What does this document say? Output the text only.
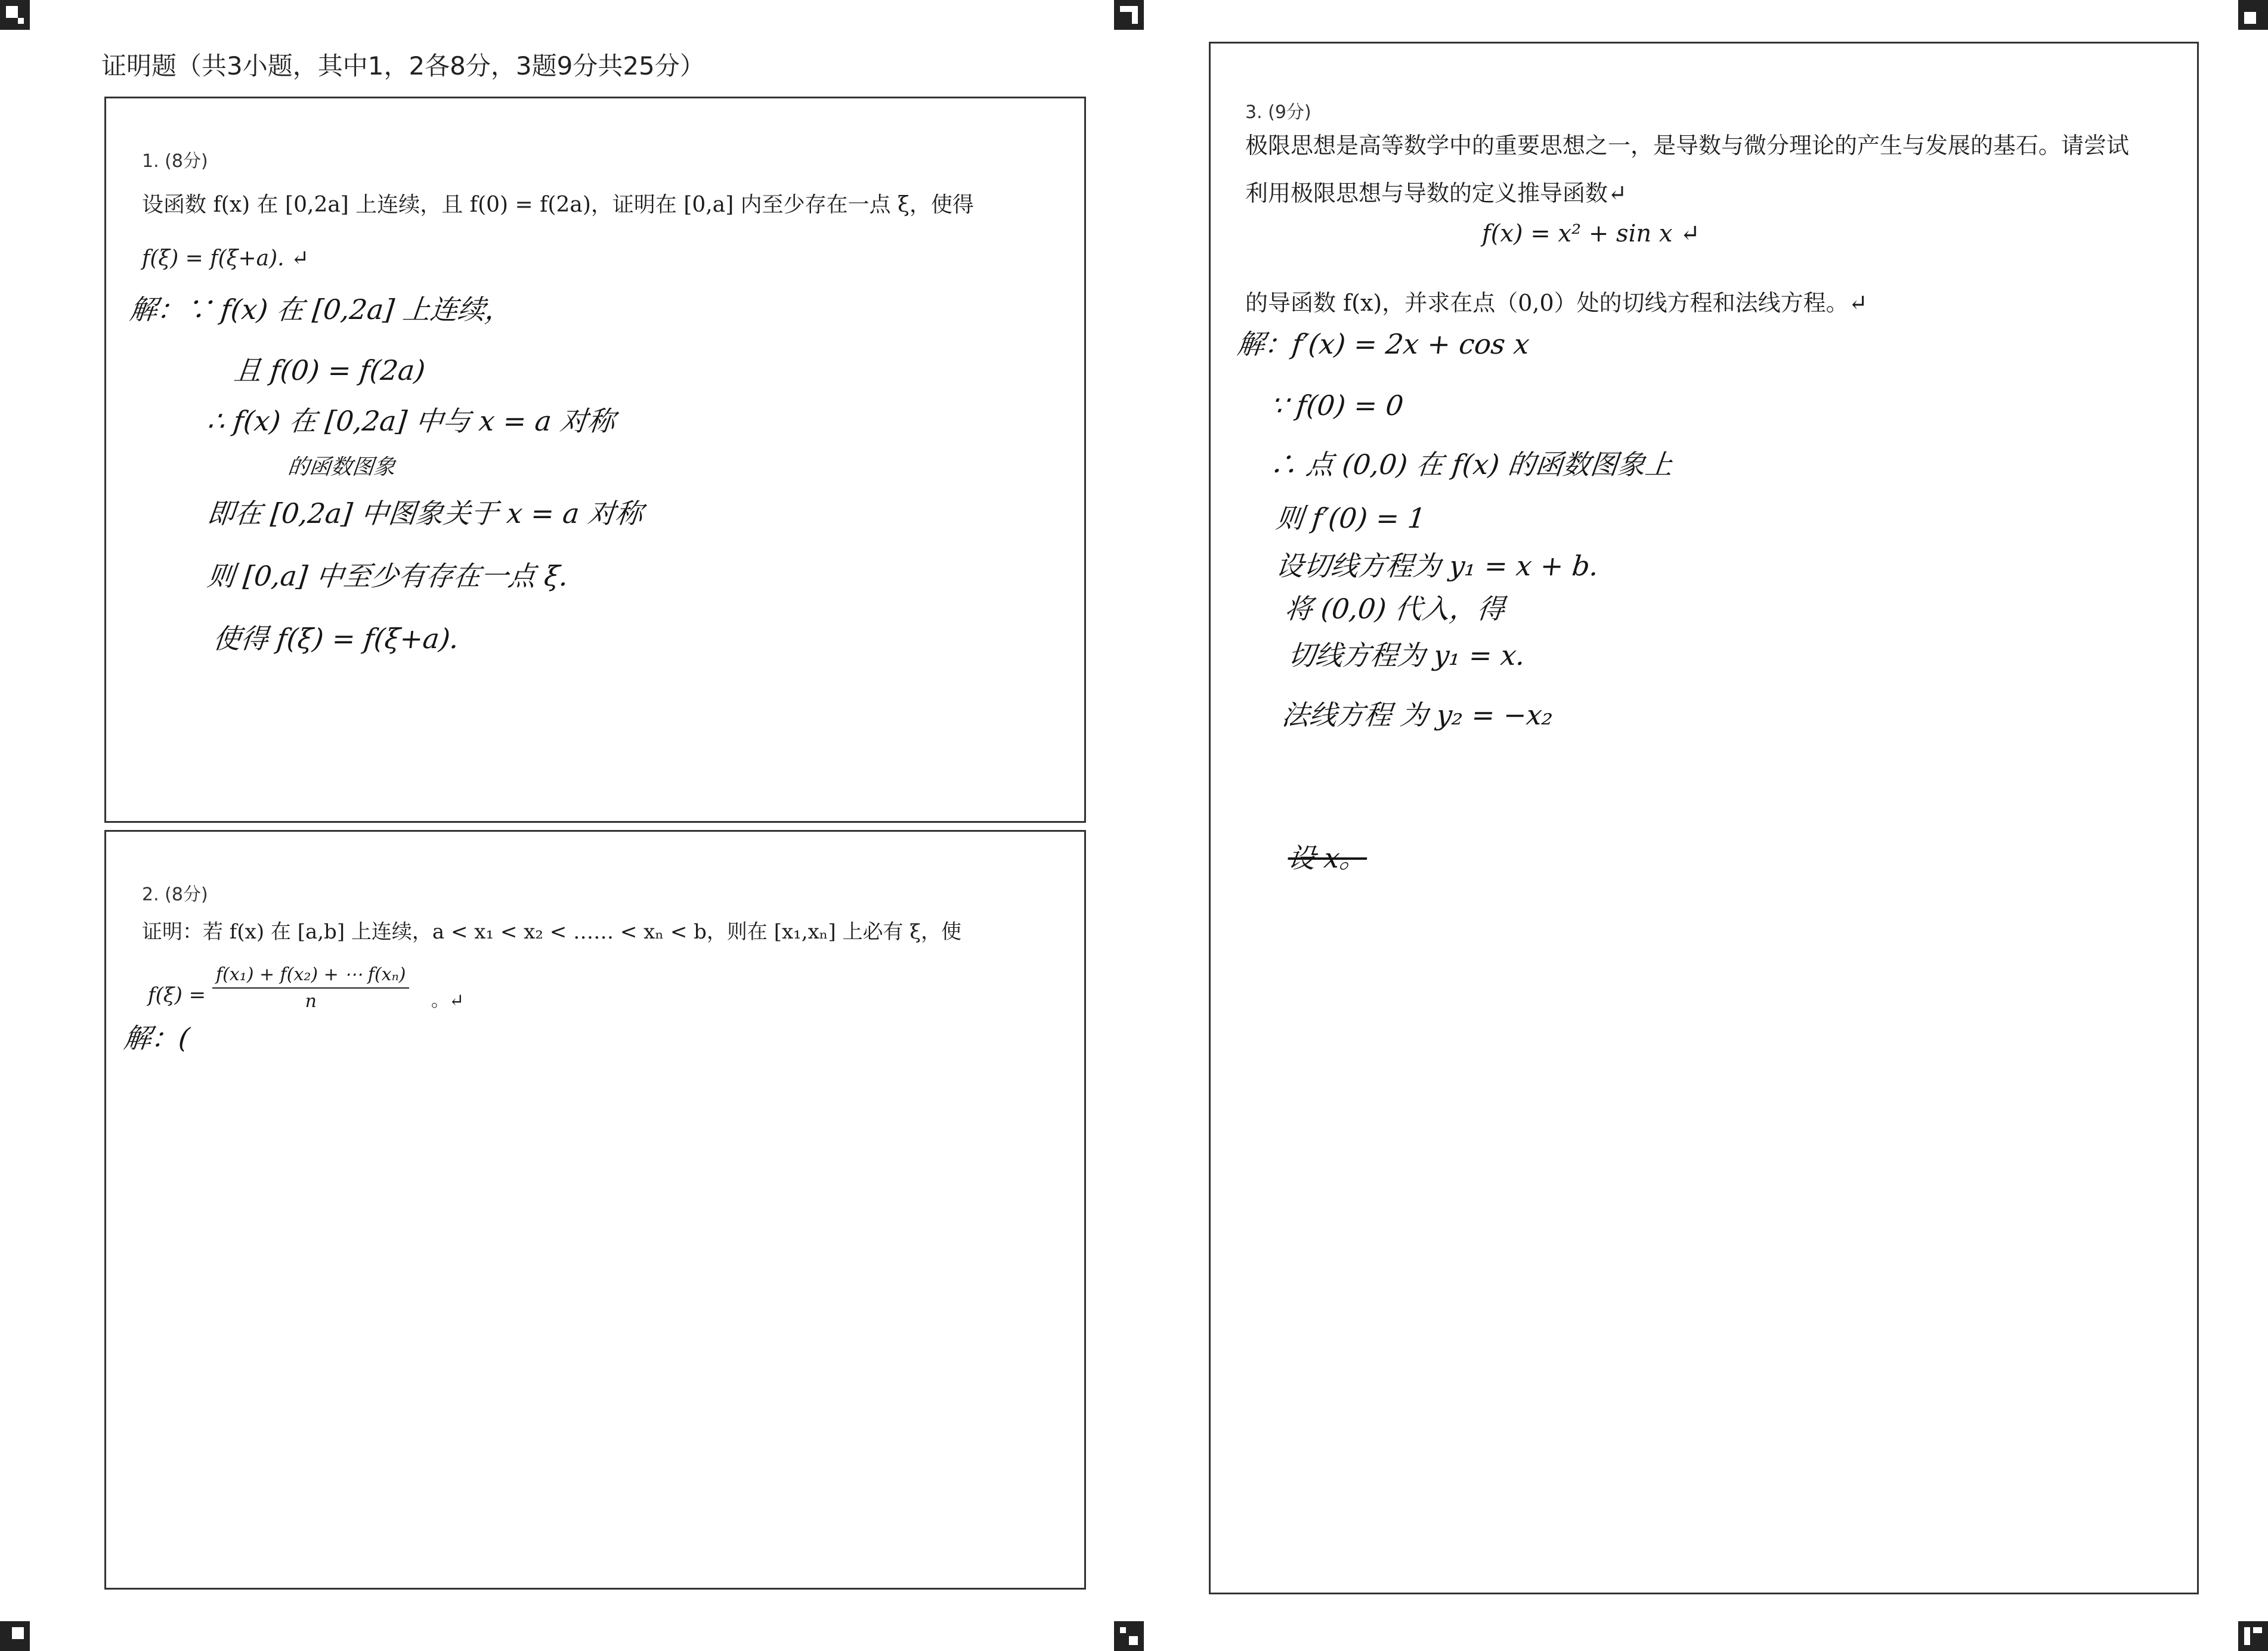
证明题（共3小题，其中1，2各8分，3题9分共25分）
1. (8分)
设函数 f(x) 在 [0,2a] 上连续，且 f(0) = f(2a)，证明在 [0,a] 内至少存在一点 ξ，使得
f(ξ) = f(ξ+a). ↵
解：∵ f(x) 在 [0,2a] 上连续，
且 f(0) = f(2a)
∴ f(x) 在 [0,2a] 中与 x = a 对称
的函数图象
即在 [0,2a] 中图象关于 x = a 对称
则 [0,a] 中至少有存在一点 ξ.
使得 f(ξ) = f(ξ+a).
2. (8分)
证明：若 f(x) 在 [a,b] 上连续，a < x₁ < x₂ < …… < xₙ < b，则在 [x₁,xₙ] 上必有 ξ，使
$f(\xi) = \frac{\text{f(x₁) + f(x₂) + ⋯ f(xₙ)}}{n}$ 。↵
解：(
3. (9分)
极限思想是高等数学中的重要思想之一，是导数与微分理论的产生与发展的基石。请尝试
利用极限思想与导数的定义推导函数↵
f(x) = x² + sin x ↵
的导函数 f(x)，并求在点（0,0）处的切线方程和法线方程。↵
解：f′(x) = 2x + cos x
∵ f(0) = 0
∴ 点 (0,0) 在 f(x) 的函数图象上
则 f′(0) = 1
设切线方程为 y₁ = x + b.
将 (0,0) 代入，得
切线方程为 y₁ = x.
法线方程 为 y₂ = −x₂
设 x。
